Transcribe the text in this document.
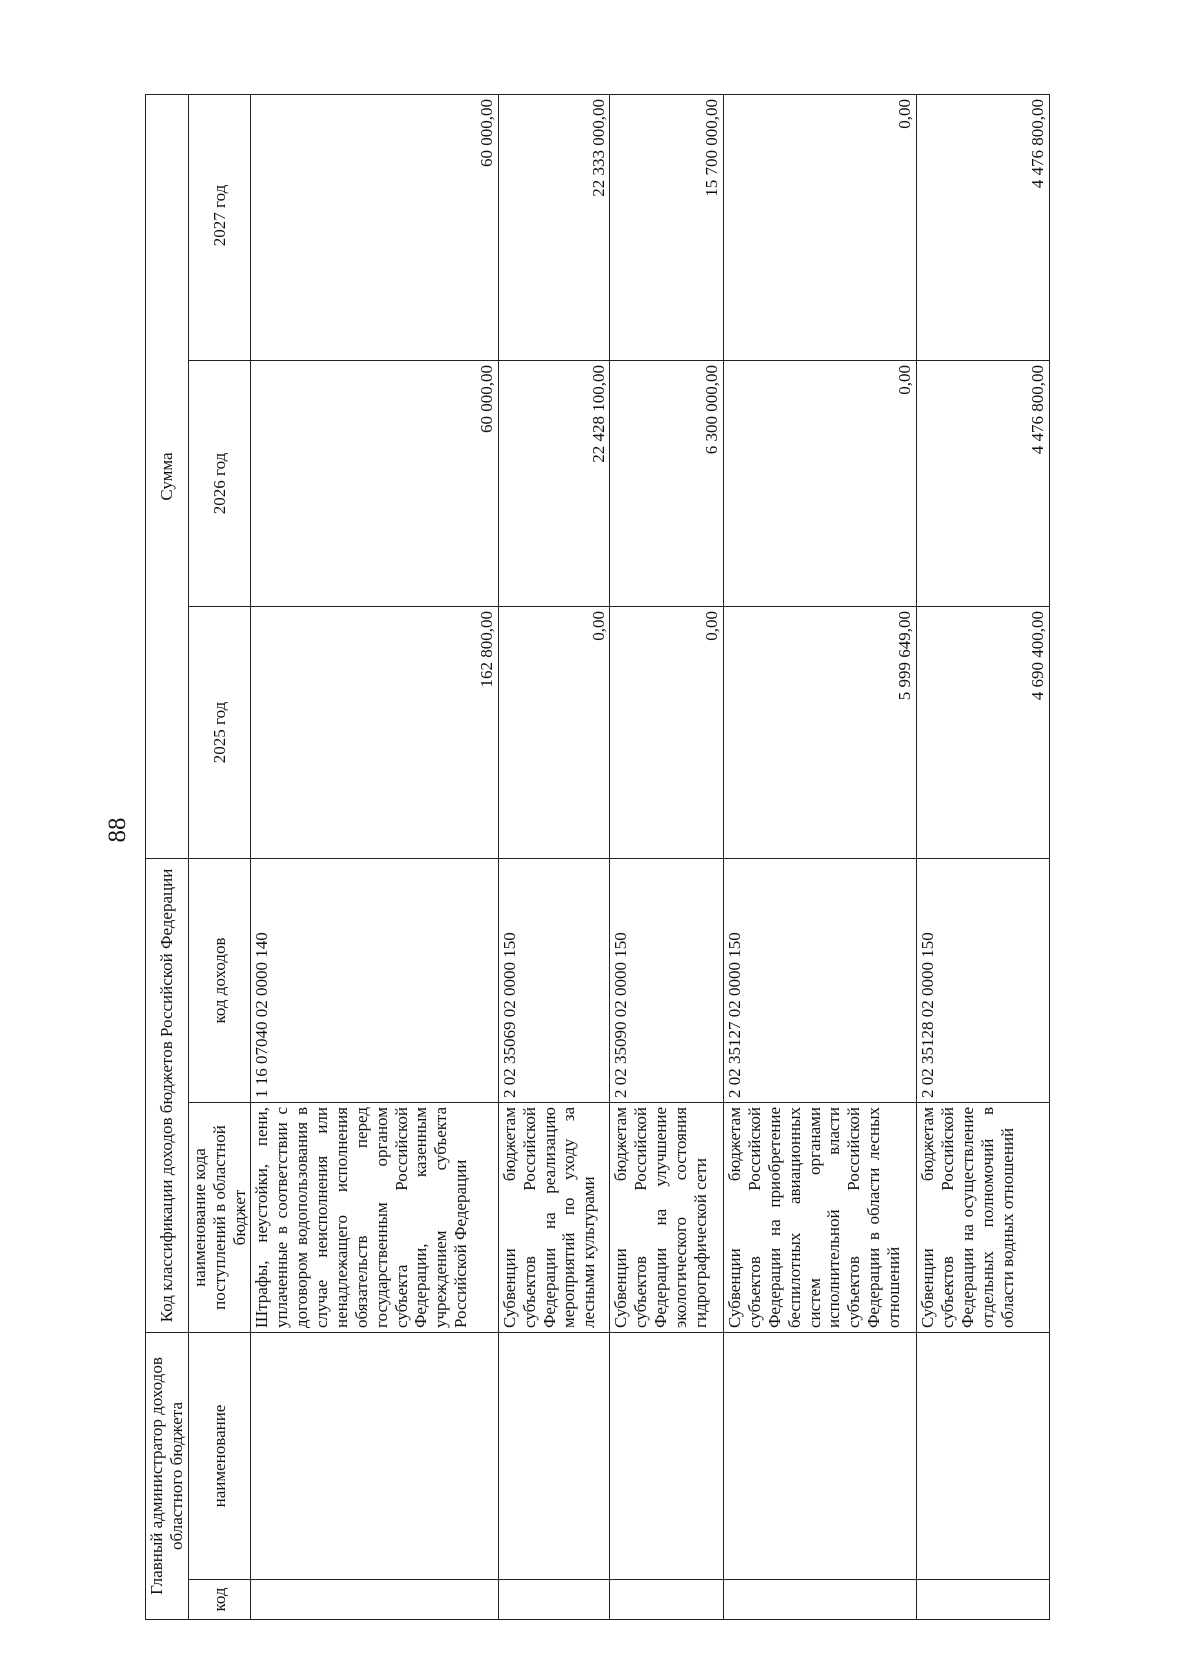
88
Главный администратор доходов областного бюджета		Код классификации доходов бюджетов Российской Федерации		Сумма		
код	наименование	наименование кода поступлений в областной бюджет	код доходов	2025 год	2026 год	2027 год
		Штрафы, неустойки, пени, уплаченные в соответствии с договором водопользования в случае неисполнения или ненадлежащего исполнения обязательств перед государственным органом субъекта Российской Федерации, казенным учреждением субъекта Российской Федерации	1 16 07040 02 0000 140	162 800,00	60 000,00	60 000,00
		Субвенции бюджетам субъектов Российской Федерации на реализацию мероприятий по уходу за лесными культурами	2 02 35069 02 0000 150	0,00	22 428 100,00	22 333 000,00
		Субвенции бюджетам субъектов Российской Федерации на улучшение экологического состояния гидрографической сети	2 02 35090 02 0000 150	0,00	6 300 000,00	15 700 000,00
		Субвенции бюджетам субъектов Российской Федерации на приобретение беспилотных авиационных систем органами исполнительной власти субъектов Российской Федерации в области лесных отношений	2 02 35127 02 0000 150	5 999 649,00	0,00	0,00
		Субвенции бюджетам субъектов Российской Федерации на осуществление отдельных полномочий в области водных отношений	2 02 35128 02 0000 150	4 690 400,00	4 476 800,00	4 476 800,00
